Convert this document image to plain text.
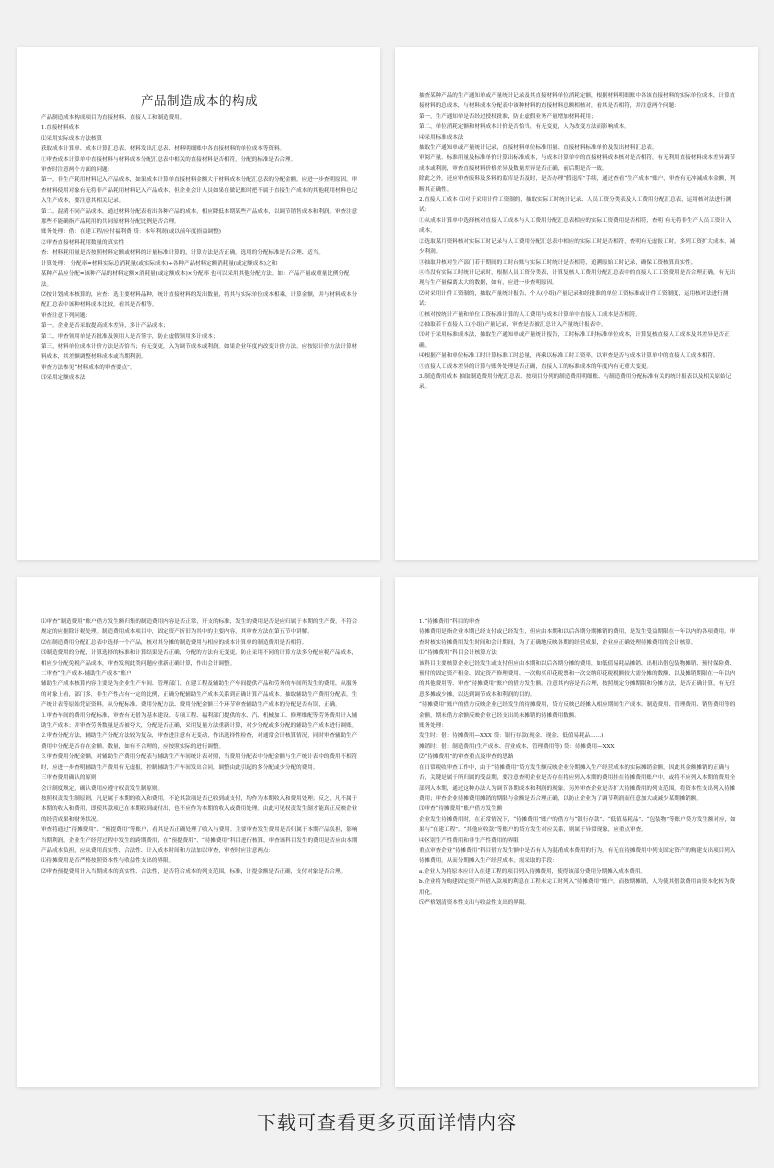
产品制造成本的构成

产品制造成本构成项目为直接材料、直接人工和制造费用。

1.直接材料成本

⑴采用实际成本方法核算

获取成本计算单、成本计算汇总表、材料发出汇总表、材料明细账中各直接材料的单位成本等资料。

①审查成本计算单中直接材料与材料成本分配汇总表中相关的直接材料是否相符，分配的标准是否合理。

审查时注意两个方面的问题：

第一，非生产耗用材料记入产品成本，如果成本计算单直接材料金额大于材料成本分配汇总表的分配金额，应进一步查明原因，审查材料使用对象有无将非产品耗用材料记入产品成本，但企业会计人员如果在做记账时把不属于直接生产成本的其他耗用材料也记入生产成本，要注意其相关记录。

第二，混淆不同产品成本，通过材料分配表看出各种产品的成本，相应降低本期某些产品成本，以调节销售成本和利润。审查注意那些不能确指产品耗用的共同原材料分配比例是否合理。

账务处理：借：在建工程/应付福利费 贷：本年利润(或以前年度损益调整)

②审查直接材料耗用数量的真实性

查：材料耗用量是否按照材料定额或材料的计量标准计算的，计算方法是否正确，选用的分配标准是否合理、适当。

计算处理： 分配率=材料实际总消耗量(或实际成本)÷各种产品材料定额消耗量(或定额成本)之和

某种产品应分配=该种产品的材料定额×消耗量(或定额成本)×分配率 也可以采用其他分配方法。如：产品产量或重量比例分配法。

⑵按计划成本核算的，应查：选主要材料品种，统计直接材料的发出数量，将其与实际单位成本相乘，计算金额，并与材料成本分配汇总表中该种材料成本比较，看其是否相等。

审查注意下列问题：

第一，企业是否采取提高成本差异，多计产品成本；

第二，审查领用单是否批准及领用人是否签字，防止虚假领用多计成本；

第三，材料单位成本计价方法是否恰当；有无变更，入为调节成本或利润。如果企业年度内改变计价方法，应按原计价方法计算材料成本，其差额调整材料成本或当期利润。

审查方法参见“材料成本的审查要点”。

⑶采用定额成本法

抽查某种产品的生产通知单或产量统计记录及其直接材料单位消耗定额，根据材料明细账中各该直接材料的实际单位成本，计算直接材料的总成本，与材料成本分配表中该种材料的直接材料总额相核对，看其是否相符，并注意两个问题：

第一，生产通知单是否经过授权批准，防止虚假业务产量增加材料耗用；

第二，单位消耗定额和材料成本计价是否恰当，有无变更，人为改变方法而影响成本。

⑷采用标准成本法

抽取生产通知单或产量统计记录，直接材料单位标准用量、直接材料标准单价及发出材料汇总表。

审阅产量、标准用量及标准单价计算出标准成本，与成本计算单中的直接材料成本核对是否相符，有无利用直接材料成本差异调节成本或利润，审查直接材料价格差异及数量差异是否正确，前后期是否一致。

除此之外，还应审查废料及多料的监库是否及时，是否办理“假退库”手续，通过查看“生产成本”账户，审查有无冲减成本金额，判断其正确性。

2.直接人工成本 ⑴对于采用计件工资制的，抽取实际工时统计记录、人员工资分类表及人工费用分配汇总表，运用核对法进行测试：

①从成本计算单中选择核对直接人工成本与人工费用分配汇总表相应的实际工资费用是否相符，查明 有无将非生产人员工资计入成本。

②选取某月资料核对实际工时记录与人工费用分配汇总表中相应的实际工时是否相符，查明有无虚报工时，多列工资扩大成本，减少利润。

③抽取并核对生产部门若干期间的工时台账与实际工时统计是否相符，追溯原始工时记录，确保工资核算真实性。

④当没有实际工时统计记录时，根据人员工资分类表，计算复核人工费用分配汇总表中的直接人工工资费用是否合理正确，有无出现与生产量偏离太大的数据，如有，应进一步查明原因。

⑵对采用计件工资制的，抽取产量统计报告、个人(小组)产量记录和经批准的单位工资标准或计件工资制度，运用核对法进行测试：

①核对按统计产量和单位工资标准计算的人工费用与成本计算单中直接人工成本是否相符。

②抽取若干直接人工(小组)产量记录，审查是否被汇总计入产量统计报表中。

⑶对于采用标准成本法，抽取生产通知单或产量统计报告，工时标准工时标准单位成本，计算复核直接人工成本及其差异是否正确。

⑷根据产量和单位标准工时计算标准工时总量，再乘以标准工时工资率，以审查是否与成本计算单中的直接人工成本相符。

⑤直接人工成本差异的计算与账务处理是否正确，直接人工的标准成本的年度内有无重大变更。

3.制造费用成本 抽取制造费用分配汇总表、按项目分列的制造费用明细账、与制造费用分配标准有关的统计报表以及相关原始记录。

⑴审查“制造费用”账户借方发生额归集的制造费用内容是否正常，开支的标准，发生的费用是否是应归属于本期的生产费，不符合规定的应据除计税处理。制造费用成本项目中，固定资产折旧为其中的主要内容，其审查方法在第五节中讲解。

⑵在制造费用分配汇总表中选择一个产品，核对其分摊的制造费用与相应的成本计算单的制造费用是否相符。

⑶制造费用的分配，计算选择的标准和计算结果是否正确，分配的方法有无变更，防止采用不同的计算方法多分配应税产品成本，相应少分配免税产品成本，审查发现此类问题应重新正确计算，作出会计调整。

二审查“生产成本-辅助生产成本”账户

辅助生产成本核算内容主要是为企业生产车间、管理部门、在建工程及辅助生产车间提供产品和劳务的车间所发生的费用，从服务的对象上看，部门多，非生产性占有一定的比例，正确分配辅助生产成本关系到正确计算产品成本。抽取辅助生产费用分配表，生产统计表等原始凭证资料，从分配标准、费用分配方法、费用分配金额三个环节审查辅助生产成本的分配是否有误，正确。

⒈审查车间的费用分配标准，审查有无借为基本建设、专项工程、福利部门提供的水、汽、机械加工、修理维配等劳务费用计入辅助生产成本；并审查劳务数量是否被夸大，分配是否正确，采用复量方法重新计算，对少分配或多分配的辅助生产成本进行调账。

⒉审查分配方法，辅助生产分配方法较为复杂，审查进注意有无变动，作出选择性检查，对通常会计核算情况，同时审查辅助生产费用中分配是否存在金额、数量，如有不合理的，应按照实际的进行调整。

⒊审查费用分配金额，对辅助生产费用分配表与辅助生产车间统计表对照，当费用分配表中分配金额与生产统计表中的费用不相符时，应进一步查明辅助生产费用有无虚报，控制辅助生产车间发出合同，调整由此引起的多分配或少分配的费用。

三审查费用确认的原则

会计制度规定，确认费用应遵守权责发生制原则。

按照权责发生制原则，凡是属于本期的收入和费用，不论其款项是否已收到或支付，均作为本期收入和费用处理；反之，凡不属于本期的收入和费用，即使其款项已在本期收到或付出，也不应作为本期的收入或费用处理。由此可见权责发生制才能真正反映企业的经营成果和财务状况。

审查将通过“待摊费用”、“预提费用”等账户，看其是否正确处理了收入与费用。主要审查发生费用是否归属于本期产品负担，影响当期利润。企业生产经营过程中发生的跨期费用，在“预提费用”、“待摊费用”科目进行核算，审查该科目发生的费用是否应由本期产品成本负担，应从费用真实性、合法性、计入成本时间和方法加以审查，审查时应注意两点：

⑴待摊费用是否严格按照资本性与收益性支出的界限。

⑵审查预提费用计入当期成本的真实性、合法性，是否符合成本的列支范围，标准，计提金额是否正确，支付对象是否合理。

1.“待摊费用”科目的审查

待摊费用是指企业本期已经支付或已经发生，但应由本期和以后各期分期摊销的费用，是发生受益期限在一年以内的各项费用。审查时核实待摊费用发生时间和会计期间，为了正确地反映各期的经营成果，企业应正确处理待摊费用的会计核算。

⑴“待摊费用”科目会计核算方法

该科目主要核算企业已经发生或支付但应由本期和以后各期分摊的费用，如低值易耗品摊销、出租出借包装物摊销、预付保险费、预付的固定资产租金、固定资产修理费用、一次购买印花税票和一次交纳印花税税额较大需分摊的数额、以及摊销期限在一年以内的其他费用等。审查“待摊费用”账户的借方发生额，注意其内容是否合理，按照规定分摊期限和分摊方法，是否正确计算，有无任意多摊或少摊，以达到调节成本和利润的目的。

“待摊费用”账户的借方反映企业已经发生的待摊费用，贷方反映已经摊入相应期间生产成本、制造费用、管理费用、销售费用等的金额，期末借方余额反映企业已经支出尚未摊销的待摊费用数额。

账务处理：

发生时：借：待摊费用—XXX 贷：银行存款(现金、现金、低值易耗品……)

摊销时：借：制造费用(生产成本、营业成本、管理费用等) 贷：待摊费用—XXX

⑵“待摊费用”的审查重点及审查的思路

在日常税收审查工作中，由于“待摊费用”贷方发生额反映企业分期摊入生产经营成本的实际摊销金额，因此其金额摊销的正确与否，关键是属于所归属的受益期，要注意查明企业是否存在将应列入本期的费用挂在待摊费用账户中，或将不应列入本期的费用全部列入本期，通过这种办法人为调节各期成本和利润的现象。另外审查企业是否扩大待摊费用的列支范围，将资本性支出列入待摊费用；审查企业待摊费用摊销的期限与金额是否合理正确，以防止企业为了调节利润而任意加大或减少某期摊销额。

⑶审查“待摊费用”账户借方发生额

企业发生待摊费用时，在正常情况下，“待摊费用”账户的借方与“银行存款”、“低值易耗品”、“包装物”等账户贷方发生额对应，如果与“在建工程”、“其他应收款”等账户的贷方发生对应关系，则属于异常现象，应重点审查。

⑷区别生产性费用和非生产性费用的界限

重点审查企业“待摊费用”科目借方发生额中是否有人为混淆成本费用的行为，有无在待摊费用中列支固定资产的购建支出项目列入待摊费用，从而分期摊入生产经营成本，需采取的手段：

a.企业人为将原本应计入在建工程的项目列入待摊费用，使得该部分费用分期摊入成本费用。

b.企业将为购建固定资产所借入款项的利息在工程未完工时列入“待摊费用”账户，而按期摊销，人为使其借款费用由资本化转为费用化。

⑸严格划清资本性支出与收益性支出的界限。

下载可查看更多页面详情内容
